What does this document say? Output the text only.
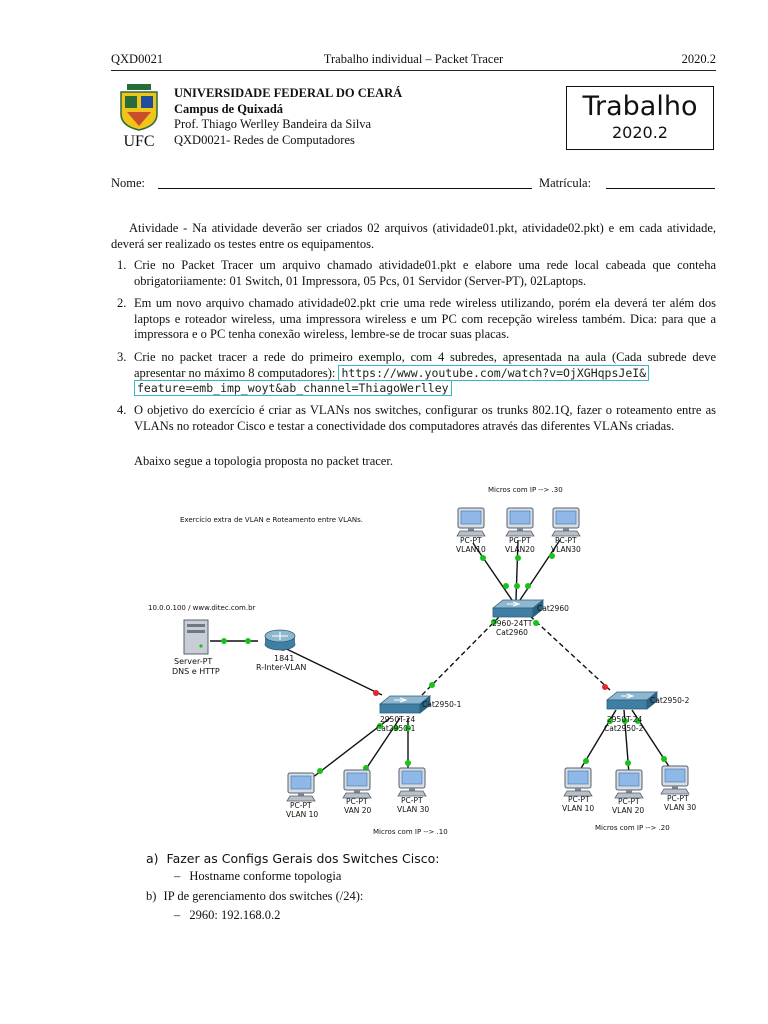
QXD0021	Trabalho individual – Packet Tracer	2020.2
UFC
UNIVERSIDADE FEDERAL DO CEARÁ
Campus de Quixadá
Prof. Thiago Werlley Bandeira da Silva
QXD0021- Redes de Computadores
Trabalho
2020.2
Nome:	Matrícula:
Atividade - Na atividade deverão ser criados 02 arquivos (atividade01.pkt, atividade02.pkt) e em cada atividade, deverá ser realizado os testes entre os equipamentos.
1. Crie no Packet Tracer um arquivo chamado atividade01.pkt e elabore uma rede local cabeada que conteha obrigatoriiamente: 01 Switch, 01 Impressora, 05 Pcs, 01 Servidor (Server-PT), 02Laptops.
2. Em um novo arquivo chamado atividade02.pkt crie uma rede wireless utilizando, porém ela deverá ter além dos laptops e roteador wireless, uma impressora wireless e um PC com recepção wireless também. Dica: para que a impressora e o PC tenha conexão wireless, lembre-se de trocar suas placas.
3. Crie no packet tracer a rede do primeiro exemplo, com 4 subredes, apresentada na aula (Cada subrede deve apresentar no máximo 8 computadores): https://www.youtube.com/watch?v=OjXGHqpsJeI&
feature=emb_imp_woyt&ab_channel=ThiagoWerlley
4. O objetivo do exercício é criar as VLANs nos switches, configurar os trunks 802.1Q, fazer o roteamento entre as VLANs no roteador Cisco e testar a conectividade dos computadores através das diferentes VLANs criadas.
Abaixo segue a topologia proposta no packet tracer.
Exercício extra de VLAN e Roteamento entre VLANs.
Micros com IP --> .30
Micros com IP --> .10	Micros com IP --> .20
10.0.0.100 / www.ditec.com.br
Server-PT
DNS e HTTP
1841
R-Inter-VLAN
Cat2960
2960-24TT
Cat2960
Cat2950-1
2950T-24
Cat2950-1
Cat2950-2
2950T-24
Cat2950-2
PC-PT
VLAN10
PC-PT
VLAN20
PC-PT
VLAN30
PC-PT
VLAN 10
PC-PT
VAN 20
PC-PT
VLAN 30
PC-PT
VLAN 10
PC-PT
VLAN 20
PC-PT
VLAN 30
a) Fazer as Configs Gerais dos Switches Cisco:
– Hostname conforme topologia
b) IP de gerenciamento dos switches (/24):
– 2960: 192.168.0.2
